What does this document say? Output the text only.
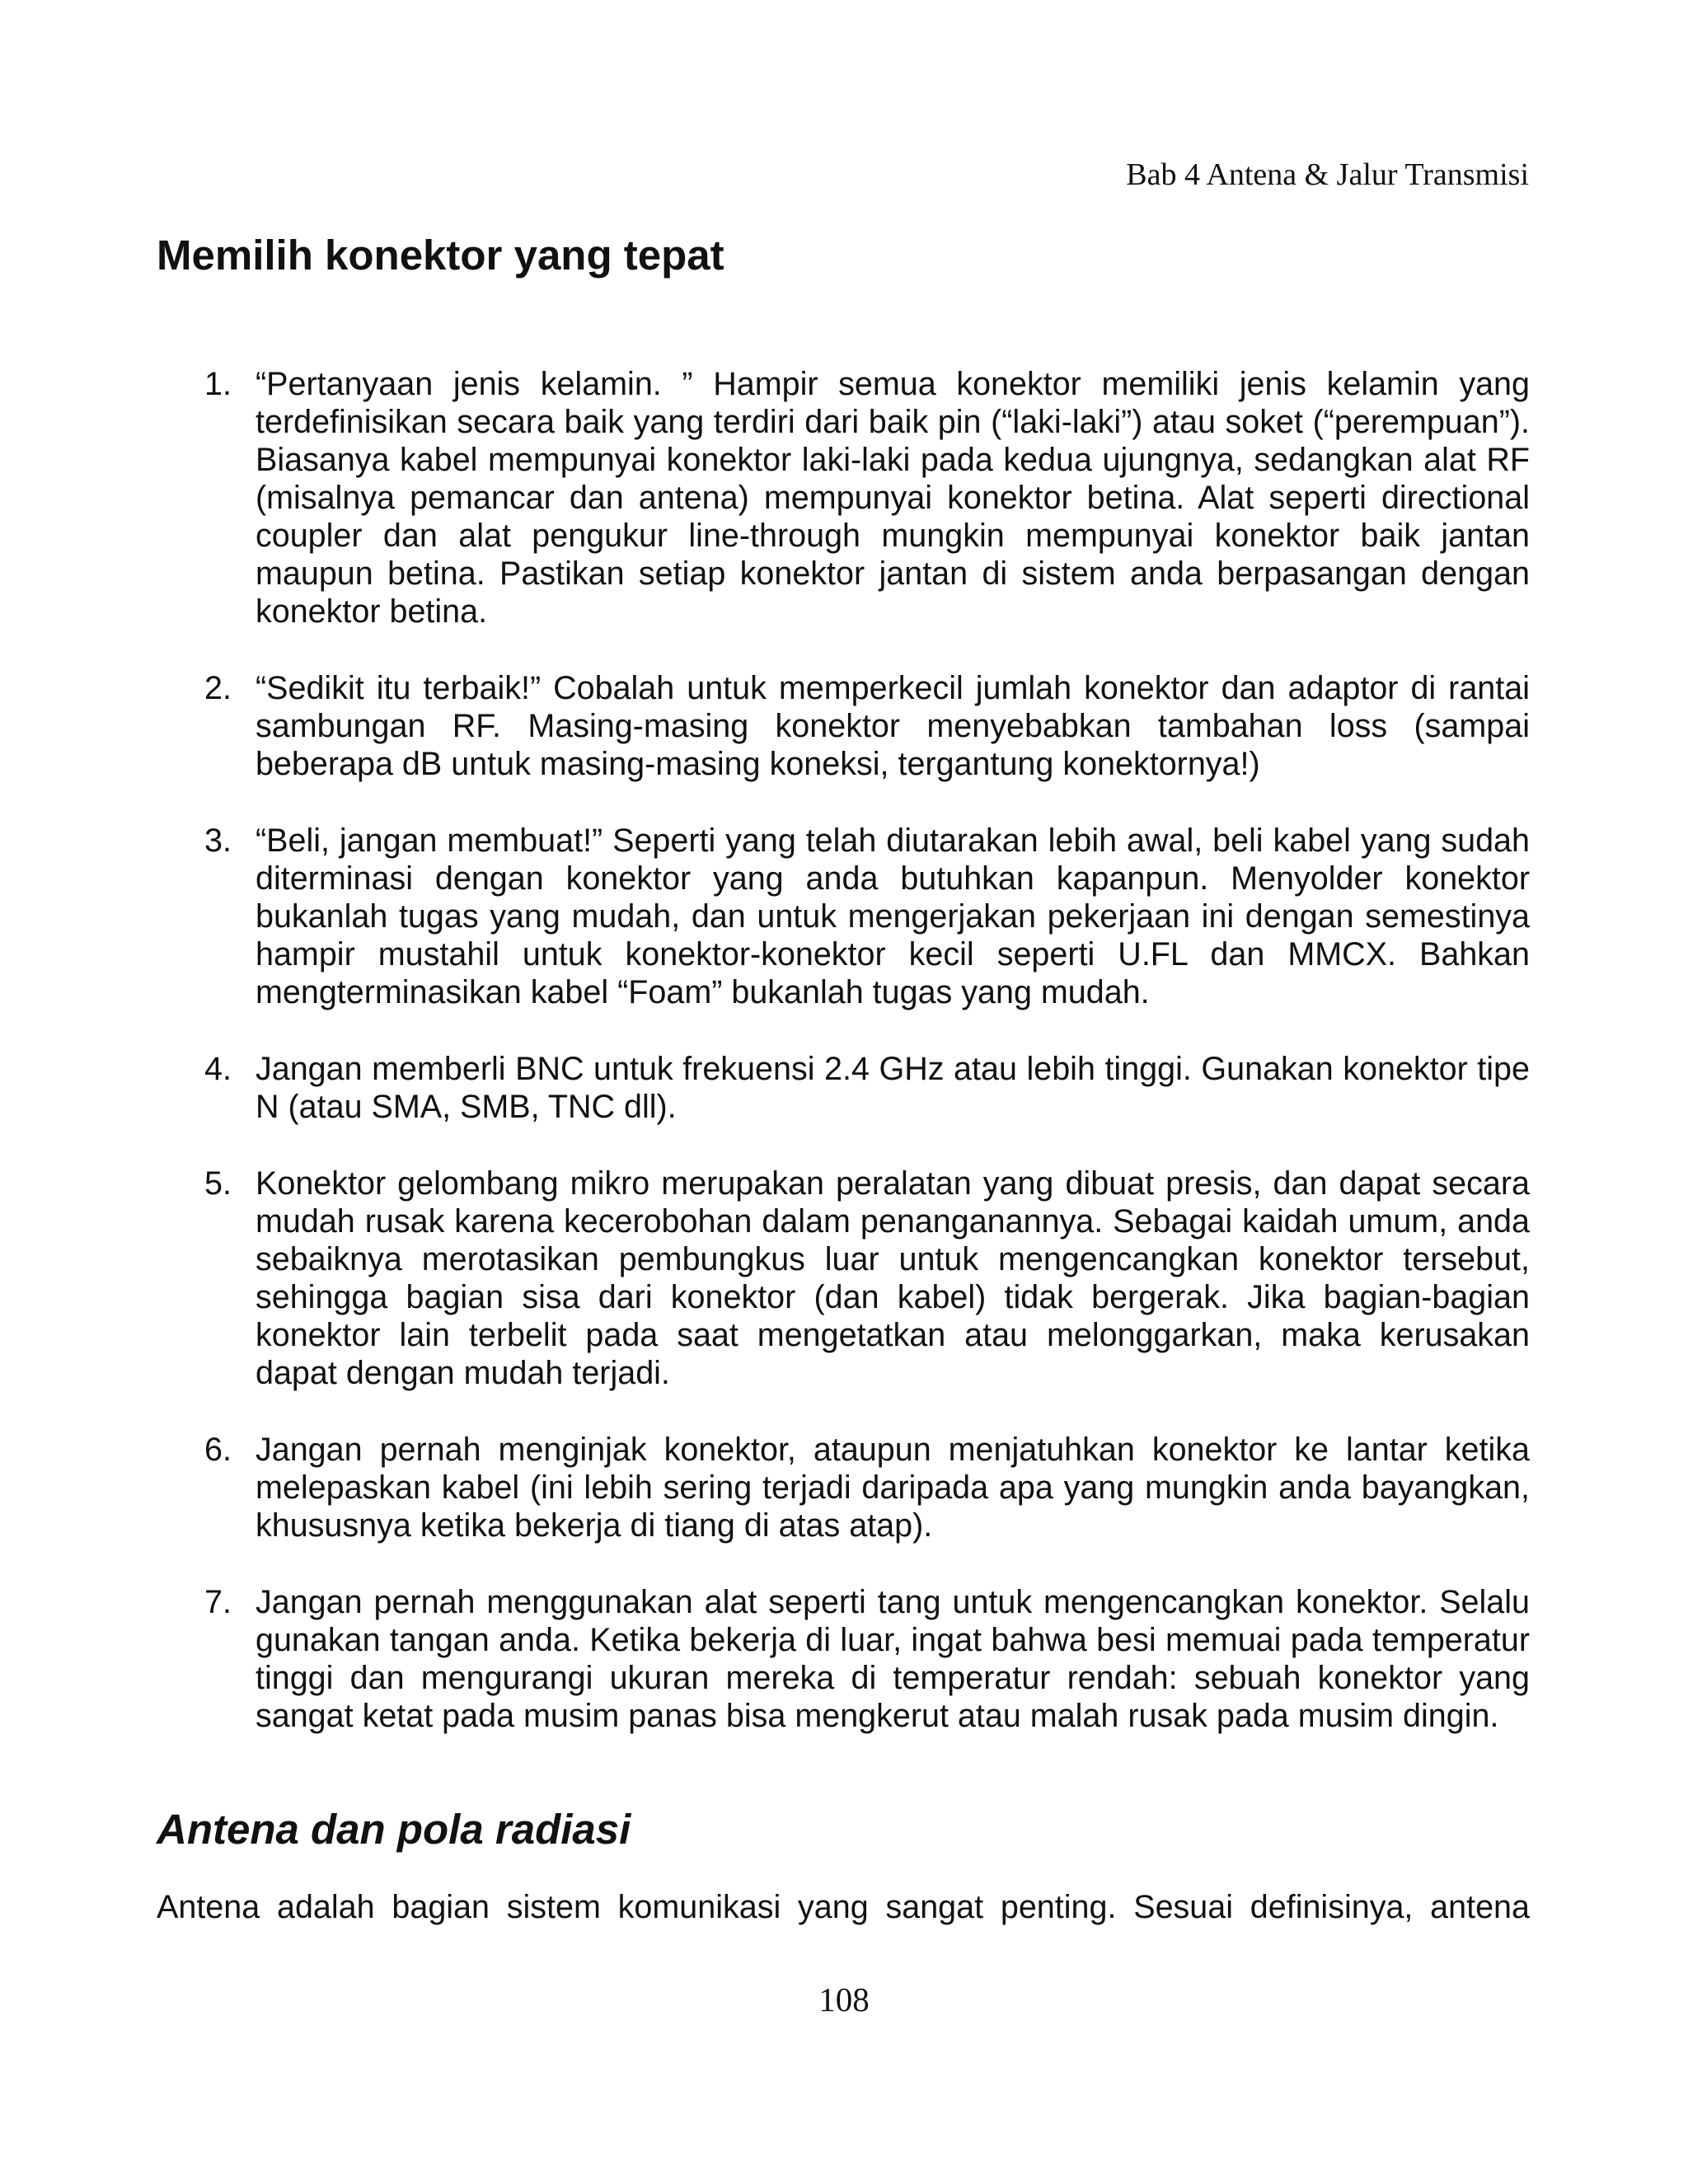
Bab 4 Antena & Jalur Transmisi
Memilih konektor yang tepat
1. “Pertanyaan jenis kelamin. ” Hampir semua konektor memiliki jenis kelamin yang terdefinisikan secara baik yang terdiri dari baik pin (“laki-laki”) atau soket (“perempuan”). Biasanya kabel mempunyai konektor laki-laki pada kedua ujungnya, sedangkan alat RF (misalnya pemancar dan antena) mempunyai konektor betina. Alat seperti directional coupler dan alat pengukur line-through mungkin mempunyai konektor baik jantan maupun betina. Pastikan setiap konektor jantan di sistem anda berpasangan dengan konektor betina.
2. “Sedikit itu terbaik!” Cobalah untuk memperkecil jumlah konektor dan adaptor di rantai sambungan RF. Masing-masing konektor menyebabkan tambahan loss (sampai beberapa dB untuk masing-masing koneksi, tergantung konektornya!)
3. “Beli, jangan membuat!” Seperti yang telah diutarakan lebih awal, beli kabel yang sudah diterminasi dengan konektor yang anda butuhkan kapanpun. Menyolder konektor bukanlah tugas yang mudah, dan untuk mengerjakan pekerjaan ini dengan semestinya hampir mustahil untuk konektor-konektor kecil seperti U.FL dan MMCX. Bahkan mengterminasikan kabel “Foam” bukanlah tugas yang mudah.
4. Jangan memberli BNC untuk frekuensi 2.4 GHz atau lebih tinggi. Gunakan konektor tipe N (atau SMA, SMB, TNC dll).
5. Konektor gelombang mikro merupakan peralatan yang dibuat presis, dan dapat secara mudah rusak karena kecerobohan dalam penanganannya. Sebagai kaidah umum, anda sebaiknya merotasikan pembungkus luar untuk mengencangkan konektor tersebut, sehingga bagian sisa dari konektor (dan kabel) tidak bergerak. Jika bagian-bagian konektor lain terbelit pada saat mengetatkan atau melonggarkan, maka kerusakan dapat dengan mudah terjadi.
6. Jangan pernah menginjak konektor, ataupun menjatuhkan konektor ke lantar ketika melepaskan kabel (ini lebih sering terjadi daripada apa yang mungkin anda bayangkan, khususnya ketika bekerja di tiang di atas atap).
7. Jangan pernah menggunakan alat seperti tang untuk mengencangkan konektor. Selalu gunakan tangan anda. Ketika bekerja di luar, ingat bahwa besi memuai pada temperatur tinggi dan mengurangi ukuran mereka di temperatur rendah: sebuah konektor yang sangat ketat pada musim panas bisa mengkerut atau malah rusak pada musim dingin.
Antena dan pola radiasi

Antena adalah bagian sistem komunikasi yang sangat penting. Sesuai definisinya, antena

108
